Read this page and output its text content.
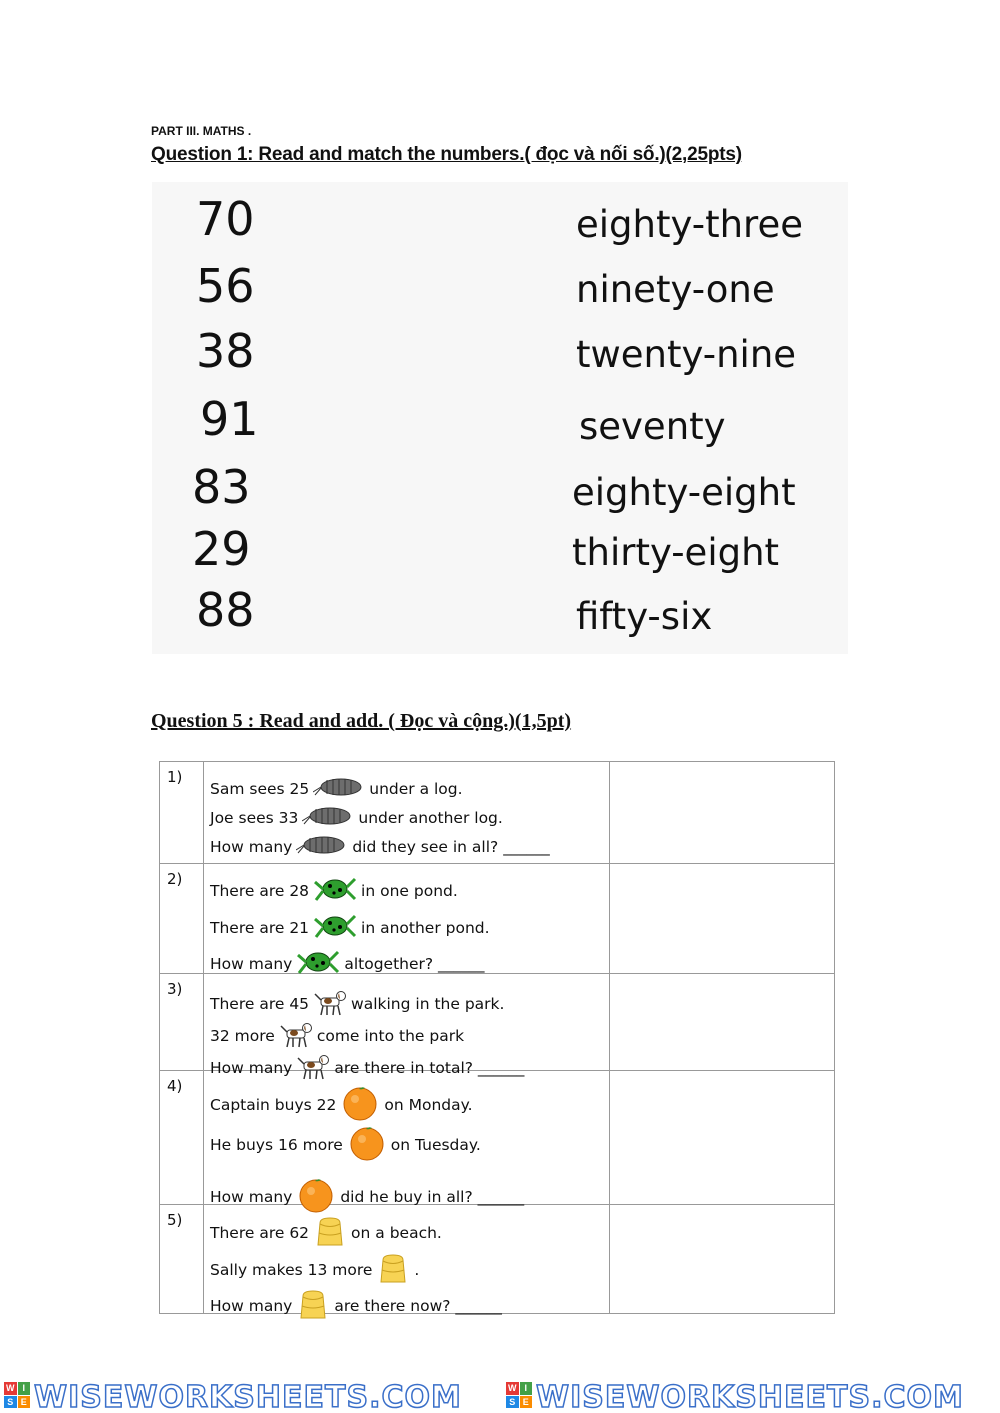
PART III. MATHS .
Question 1: Read and match the numbers.( đọc và nối số.)(2,25pts)
70
56
38
91
83
29
88
eighty-three
ninety-one
twenty-nine
seventy
eighty-eight
thirty-eight
fifty-six
Question 5 : Read and add. ( Đọc và cộng.)(1,5pt)
1)
Sam sees 25	under a log.
Joe sees 33	under another log.
How many	did they see in all? ______
2)
There are 28	in one pond.
There are 21	in another pond.
How many	altogether? ______
3)
There are 45	walking in the park.
32 more	come into the park
How many	are there in total? ______
4)
Captain buys 22	on Monday.
He buys 16 more	on Tuesday.
How many	did he buy in all? ______
5)
There are 62	on a beach.
Sally makes 13 more	.
How many	are there now? ______
W I
S E WISEWORKSHEETS.COM	W I
S E WISEWORKSHEETS.COM
